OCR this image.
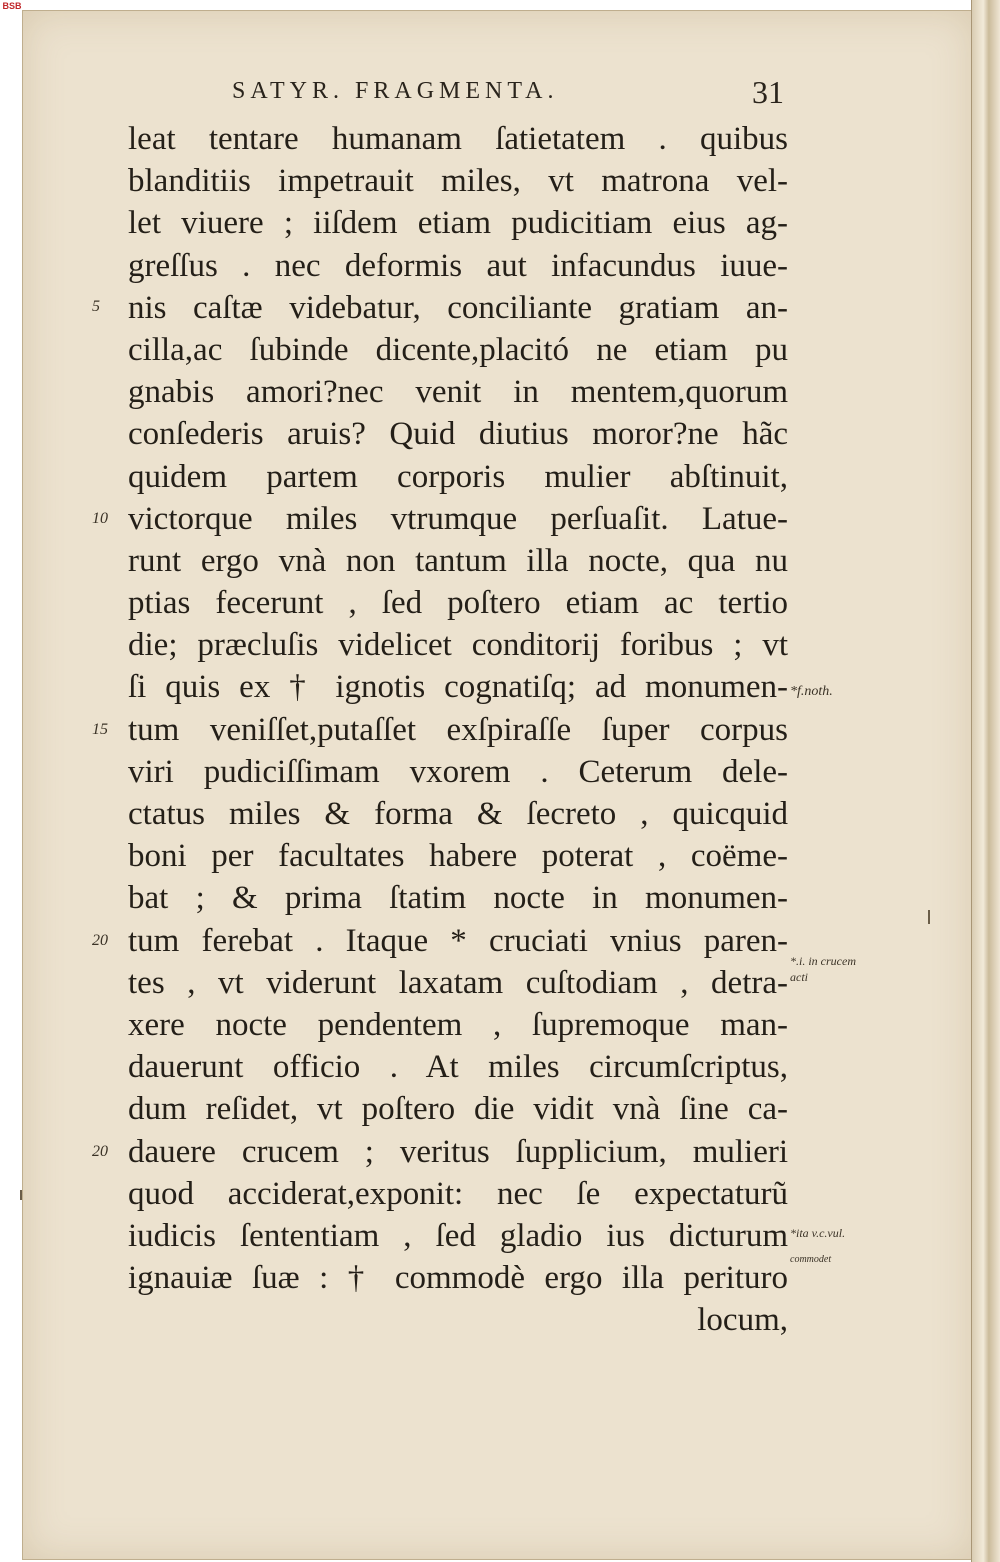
BSB
SATYR. FRAGMENTA.	31
leat tentare humanam ſatietatem . quibus
blanditiis impetrauit miles, vt matrona vel-
let viuere ; iiſdem etiam pudicitiam eius ag-
greſſus . nec deformis aut infacundus iuue-
nis caſtæ videbatur, conciliante gratiam an-
cilla,ac ſubinde dicente,placitó ne etiam pu
gnabis amori?nec venit in mentem,quorum
conſederis aruis? Quid diutius moror?ne hãc
quidem partem corporis mulier abſtinuit,
victorque miles vtrumque perſuaſit. Latue-
runt ergo vnà non tantum illa nocte, qua nu
ptias fecerunt , ſed poſtero etiam ac tertio
die; præcluſis videlicet conditorij foribus ; vt
ſi quis ex † ignotis cognatiſq; ad monumen-
tum veniſſet,putaſſet exſpiraſſe ſuper corpus
viri pudiciſſimam vxorem . Ceterum dele-
ctatus miles & forma & ſecreto , quicquid
boni per facultates habere poterat , coëme-
bat ; & prima ſtatim nocte in monumen-
tum ferebat . Itaque * cruciati vnius paren-
tes , vt viderunt laxatam cuſtodiam , detra-
xere nocte pendentem , ſupremoque man-
dauerunt officio . At miles circumſcriptus,
dum reſidet, vt poſtero die vidit vnà ſine ca-
dauere crucem ; veritus ſupplicium, mulieri
quod acciderat,exponit: nec ſe expectaturũ
iudicis ſententiam , ſed gladio ius dicturum
ignauiæ ſuæ : † commodè ergo illa perituro
locum,
5
10
15
20
20
*f.noth.
*.i. in crucem
acti
*ita v.c.vul.
commodet
